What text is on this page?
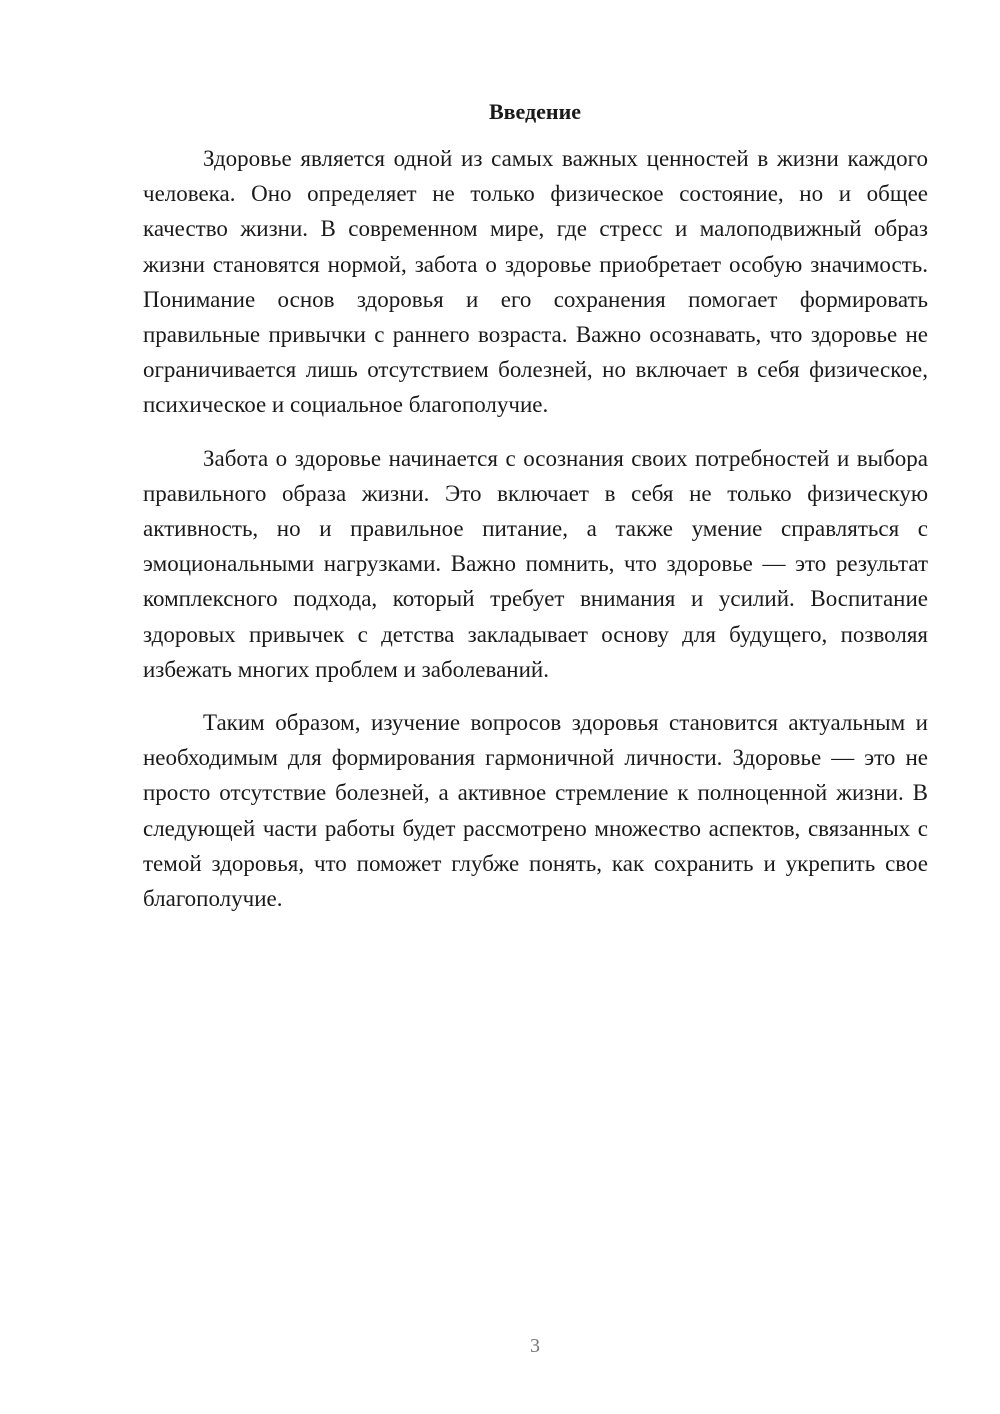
Введение

Здоровье является одной из самых важных ценностей в жизни каждого человека. Оно определяет не только физическое состояние, но и общее качество жизни. В современном мире, где стресс и малоподвижный образ жизни становятся нормой, забота о здоровье приобретает особую значимость. Понимание основ здоровья и его сохранения помогает формировать правильные привычки с раннего возраста. Важно осознавать, что здоровье не ограничивается лишь отсутствием болезней, но включает в себя физическое, психическое и социальное благополучие.

Забота о здоровье начинается с осознания своих потребностей и выбора правильного образа жизни. Это включает в себя не только физическую активность, но и правильное питание, а также умение справляться с эмоциональными нагрузками. Важно помнить, что здоровье — это результат комплексного подхода, который требует внимания и усилий. Воспитание здоровых привычек с детства закладывает основу для будущего, позволяя избежать многих проблем и заболеваний.

Таким образом, изучение вопросов здоровья становится актуальным и необходимым для формирования гармоничной личности. Здоровье — это не просто отсутствие болезней, а активное стремление к полноценной жизни. В следующей части работы будет рассмотрено множество аспектов, связанных с темой здоровья, что поможет глубже понять, как сохранить и укрепить свое благополучие.

3
